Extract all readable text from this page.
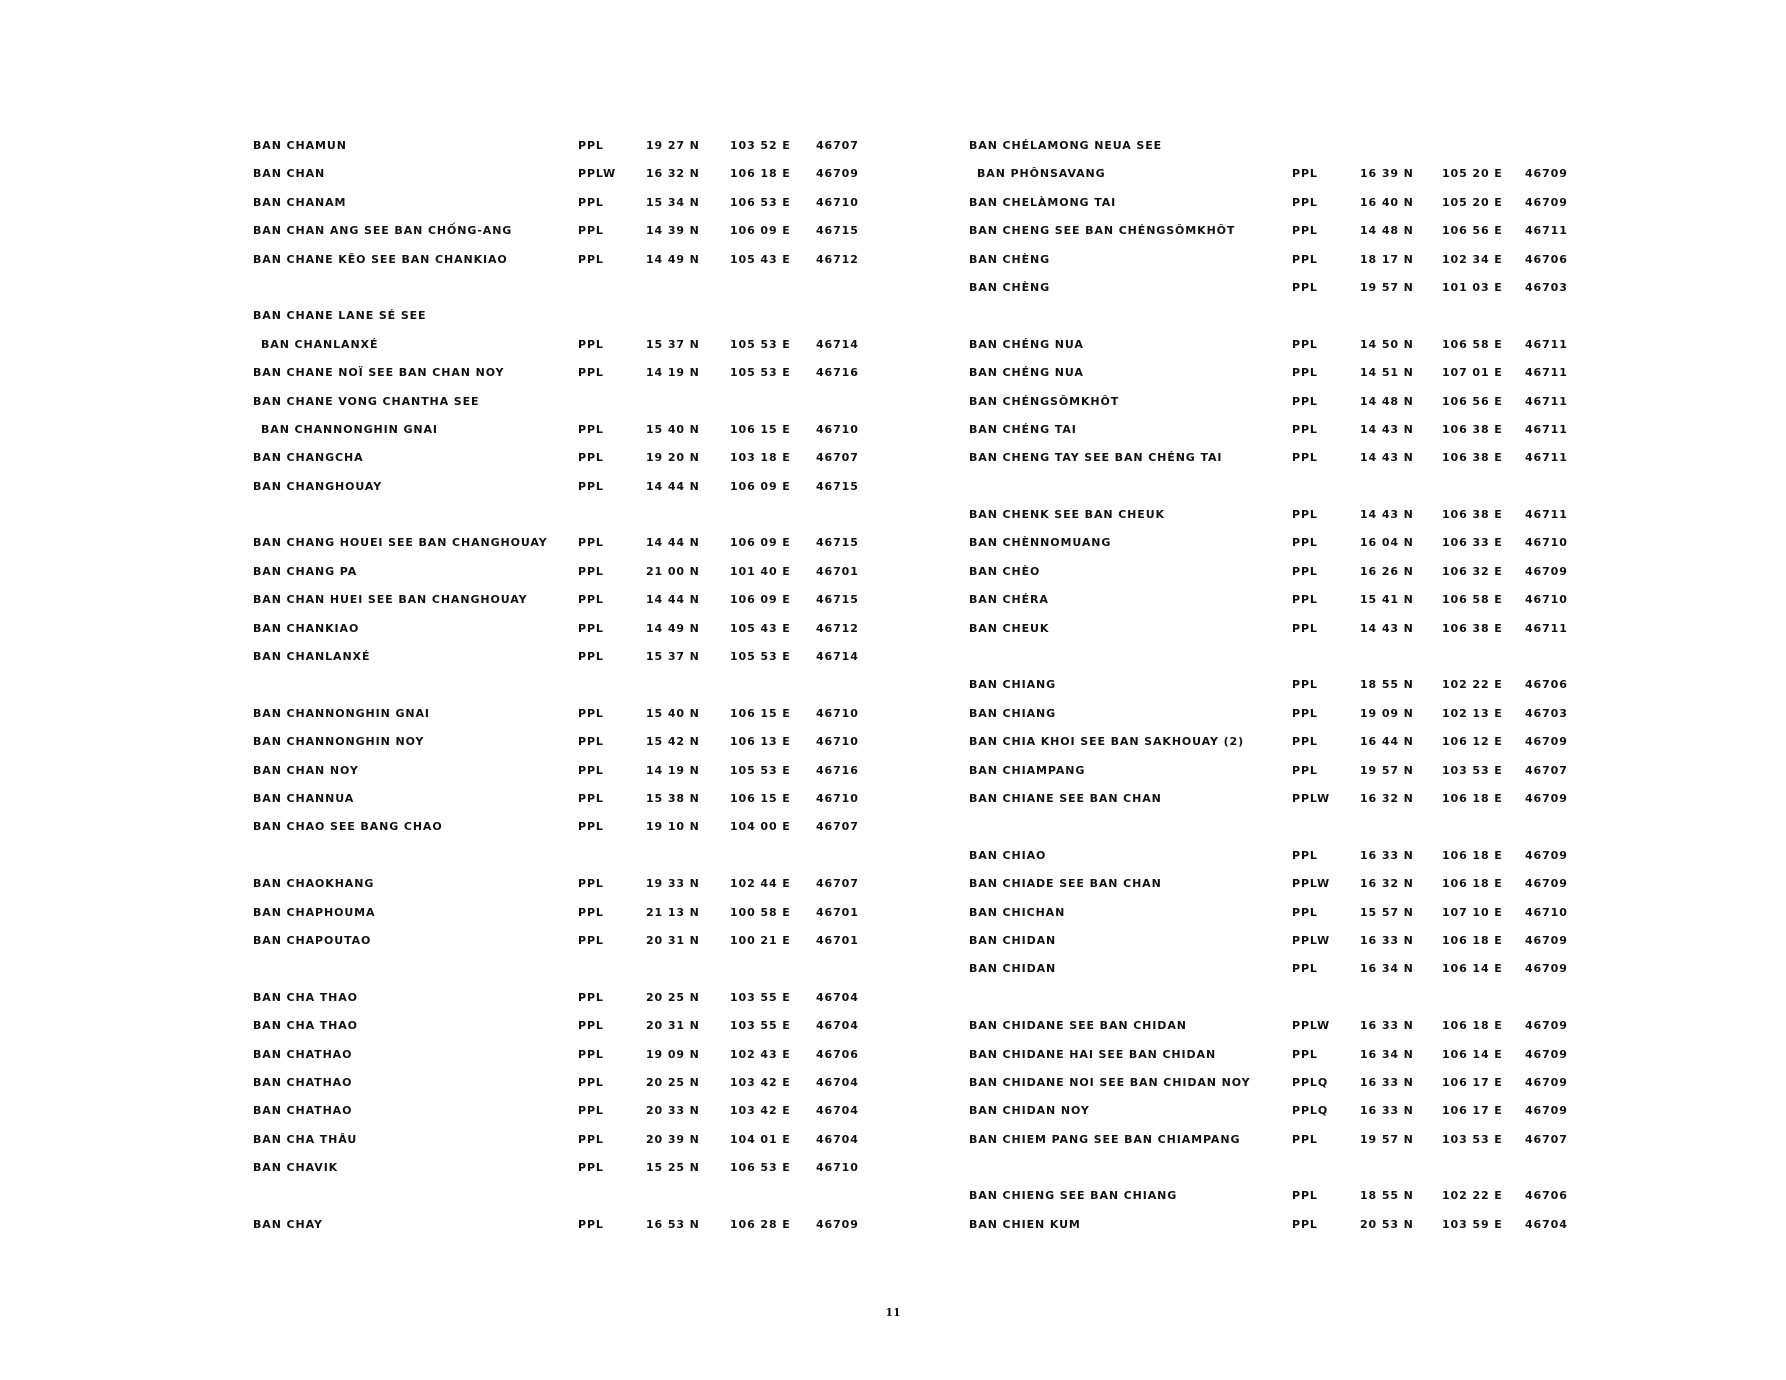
BAN CHAMUN	PPL	19 27 N	103 52 E 46707
BAN CHAN	PPLW	16 32 N	106 18 E 46709
BAN CHANAM	PPL	15 34 N	106 53 E 46710
BAN CHAN ANG SEE BAN CHỐNG-ANG	PPL	14 39 N	106 09 E 46715
BAN CHANE KẼO SEE BAN CHANKIAO	PPL	14 49 N	105 43 E 46712
BAN CHANE LANE SÉ SEE
BAN CHANLANXÉ	PPL	15 37 N	105 53 E 46714
BAN CHANE NOÏ SEE BAN CHAN NOY	PPL	14 19 N	105 53 E 46716
BAN CHANE VONG CHANTHA SEE
BAN CHANNONGHIN GNAI	PPL	15 40 N	106 15 E 46710
BAN CHANGCHA	PPL	19 20 N	103 18 E 46707
BAN CHANGHOUAY	PPL	14 44 N	106 09 E 46715
BAN CHANG HOUEI SEE BAN CHANGHOUAY	PPL	14 44 N	106 09 E 46715
BAN CHANG PA	PPL	21 00 N	101 40 E 46701
BAN CHAN HUEI SEE BAN CHANGHOUAY	PPL	14 44 N	106 09 E 46715
BAN CHANKIAO	PPL	14 49 N	105 43 E 46712
BAN CHANLANXÉ	PPL	15 37 N	105 53 E 46714
BAN CHANNONGHIN GNAI	PPL	15 40 N	106 15 E 46710
BAN CHANNONGHIN NOY	PPL	15 42 N	106 13 E 46710
BAN CHAN NOY	PPL	14 19 N	105 53 E 46716
BAN CHANNUA	PPL	15 38 N	106 15 E 46710
BAN CHAO SEE BANG CHAO	PPL	19 10 N	104 00 E 46707
BAN CHAOKHANG	PPL	19 33 N	102 44 E 46707
BAN CHAPHOUMA	PPL	21 13 N	100 58 E 46701
BAN CHAPOUTAO	PPL	20 31 N	100 21 E 46701
BAN CHA THAO	PPL	20 25 N	103 55 E 46704
BAN CHA THAO	PPL	20 31 N	103 55 E 46704
BAN CHATHAO	PPL	19 09 N	102 43 E 46706
BAN CHATHAO	PPL	20 25 N	103 42 E 46704
BAN CHATHAO	PPL	20 33 N	103 42 E 46704
BAN CHA THÂU	PPL	20 39 N	104 01 E 46704
BAN CHAVIK	PPL	15 25 N	106 53 E 46710
BAN CHAY	PPL	16 53 N	106 28 E 46709
BAN CHÉLAMONG NEUA SEE
BAN PHÔNSAVANG	PPL	16 39 N	105 20 E 46709
BAN CHELÀMONG TAI	PPL	16 40 N	105 20 E 46709
BAN CHENG SEE BAN CHÉNGSÔMKHÔT	PPL	14 48 N	106 56 E 46711
BAN CHÈNG	PPL	18 17 N	102 34 E 46706
BAN CHÈNG	PPL	19 57 N	101 03 E 46703
BAN CHÉNG NUA	PPL	14 50 N	106 58 E 46711
BAN CHÉNG NUA	PPL	14 51 N	107 01 E 46711
BAN CHÉNGSÔMKHÔT	PPL	14 48 N	106 56 E 46711
BAN CHÉNG TAI	PPL	14 43 N	106 38 E 46711
BAN CHENG TAY SEE BAN CHÉNG TAI	PPL	14 43 N	106 38 E 46711
BAN CHENK SEE BAN CHEUK	PPL	14 43 N	106 38 E 46711
BAN CHÈNNOMUANG	PPL	16 04 N	106 33 E 46710
BAN CHÈO	PPL	16 26 N	106 32 E 46709
BAN CHÉRA	PPL	15 41 N	106 58 E 46710
BAN CHEUK	PPL	14 43 N	106 38 E 46711
BAN CHIANG	PPL	18 55 N	102 22 E 46706
BAN CHIANG	PPL	19 09 N	102 13 E 46703
BAN CHIA KHOI SEE BAN SAKHOUAY (2)	PPL	16 44 N	106 12 E 46709
BAN CHIAMPANG	PPL	19 57 N	103 53 E 46707
BAN CHIANE SEE BAN CHAN	PPLW	16 32 N	106 18 E 46709
BAN CHIAO	PPL	16 33 N	106 18 E 46709
BAN CHIADE SEE BAN CHAN	PPLW	16 32 N	106 18 E 46709
BAN CHICHAN	PPL	15 57 N	107 10 E 46710
BAN CHIDAN	PPLW	16 33 N	106 18 E 46709
BAN CHIDAN	PPL	16 34 N	106 14 E 46709
BAN CHIDANE SEE BAN CHIDAN	PPLW	16 33 N	106 18 E 46709
BAN CHIDANE HAI SEE BAN CHIDAN	PPL	16 34 N	106 14 E 46709
BAN CHIDANE NOI SEE BAN CHIDAN NOY	PPLQ	16 33 N	106 17 E 46709
BAN CHIDAN NOY	PPLQ	16 33 N	106 17 E 46709
BAN CHIEM PANG SEE BAN CHIAMPANG	PPL	19 57 N	103 53 E 46707
BAN CHIENG SEE BAN CHIANG	PPL	18 55 N	102 22 E 46706
BAN CHIEN KUM	PPL	20 53 N	103 59 E 46704
11
